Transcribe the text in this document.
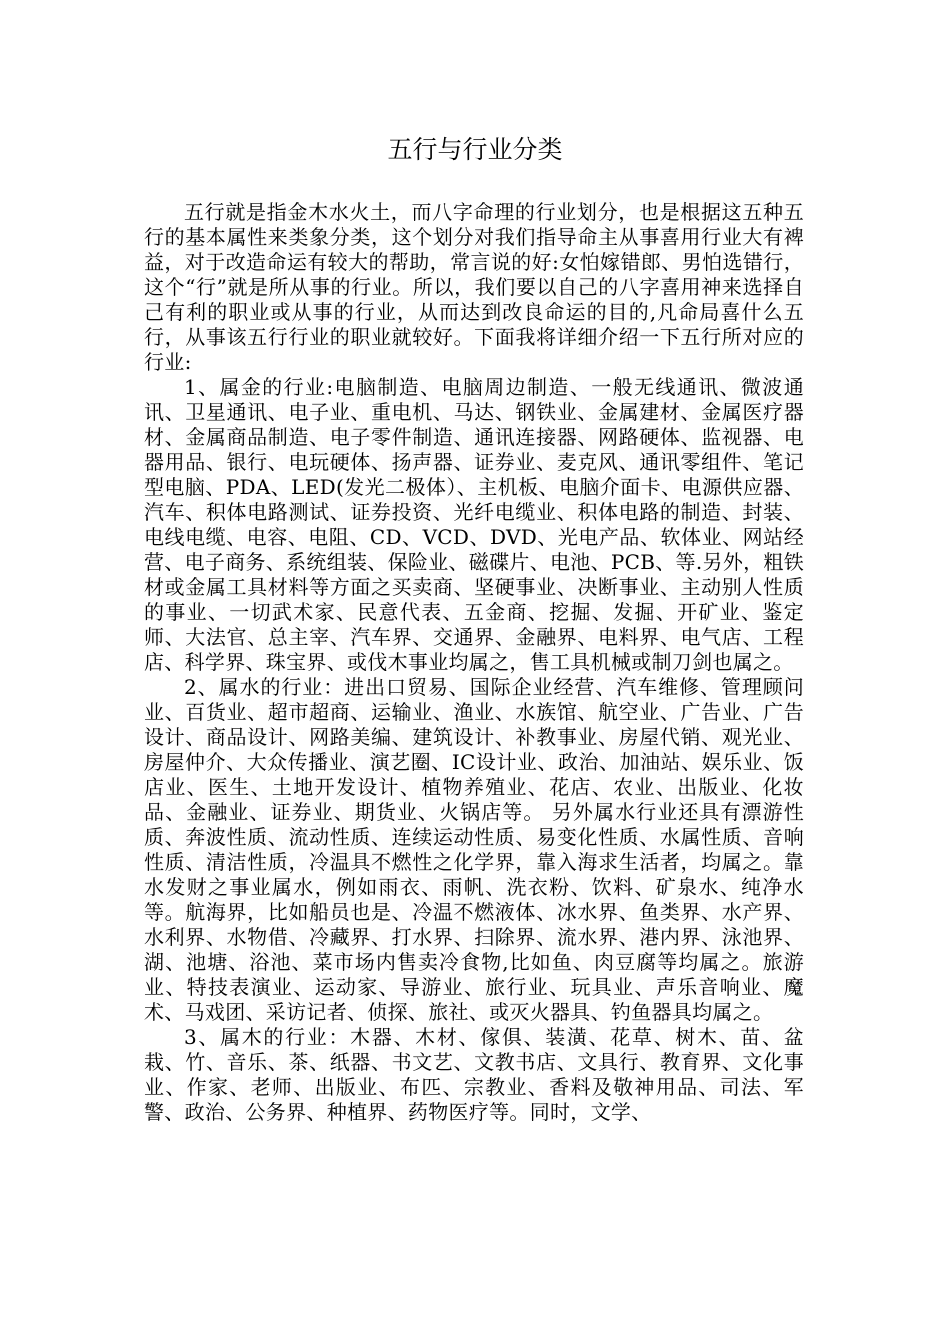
五行与行业分类

五行就是指金木水火土，而八字命理的行业划分，也是根据这五种五行的基本属性来类象分类，这个划分对我们指导命主从事喜用行业大有裨益，对于改造命运有较大的帮助，常言说的好:女怕嫁错郎、男怕选错行，这个“行”就是所从事的行业。所以，我们要以自己的八字喜用神来选择自己有利的职业或从事的行业，从而达到改良命运的目的,凡命局喜什么五行，从事该五行行业的职业就较好。下面我将详细介绍一下五行所对应的行业:

1、属金的行业:电脑制造、电脑周边制造、一般无线通讯、微波通讯、卫星通讯、电子业、重电机、马达、钢铁业、金属建材、金属医疗器材、金属商品制造、电子零件制造、通讯连接器、网路硬体、监视器、电器用品、银行、电玩硬体、扬声器、证券业、麦克风、通讯零组件、笔记型电脑、PDA、LED(发光二极体）、主机板、电脑介面卡、电源供应器、汽车、积体电路测试、证券投资、光纤电缆业、积体电路的制造、封装、电线电缆、电容、电阻、CD、VCD、DVD、光电产品、软体业、网站经营、电子商务、系统组装、保险业、磁碟片、电池、PCB、等.另外，粗铁材或金属工具材料等方面之买卖商、坚硬事业、决断事业、主动别人性质的事业、一切武术家、民意代表、五金商、挖掘、发掘、开矿业、鉴定师、大法官、总主宰、汽车界、交通界、金融界、电料界、电气店、工程店、科学界、珠宝界、或伐木事业均属之，售工具机械或制刀剑也属之。

2、属水的行业：进出口贸易、国际企业经营、汽车维修、管理顾问业、百货业、超市超商、运输业、渔业、水族馆、航空业、广告业、广告设计、商品设计、网路美编、建筑设计、补教事业、房屋代销、观光业、房屋仲介、大众传播业、演艺圈、IC设计业、政治、加油站、娱乐业、饭店业、医生、土地开发设计、植物养殖业、花店、农业、出版业、化妆品、金融业、证券业、期货业、火锅店等。 另外属水行业还具有漂游性质、奔波性质、流动性质、连续运动性质、易变化性质、水属性质、音响性质、清洁性质，冷温具不燃性之化学界，靠入海求生活者，均属之。靠水发财之事业属水，例如雨衣、雨帆、洗衣粉、饮料、矿泉水、纯净水等。航海界，比如船员也是、冷温不燃液体、冰水界、鱼类界、水产界、水利界、水物借、冷藏界、打水界、扫除界、流水界、港内界、泳池界、湖、池塘、浴池、菜市场内售卖冷食物,比如鱼、肉豆腐等均属之。旅游业、特技表演业、运动家、导游业、旅行业、玩具业、声乐音响业、魔术、马戏团、采访记者、侦探、旅社、或灭火器具、钓鱼器具均属之。

3、属木的行业：木器、木材、傢俱、装潢、花草、树木、苗、盆栽、竹、音乐、茶、纸器、书文艺、文教书店、文具行、教育界、文化事业、作家、老师、出版业、布匹、宗教业、香料及敬神用品、司法、军警、政治、公务界、种植界、药物医疗等。同时，文学、
